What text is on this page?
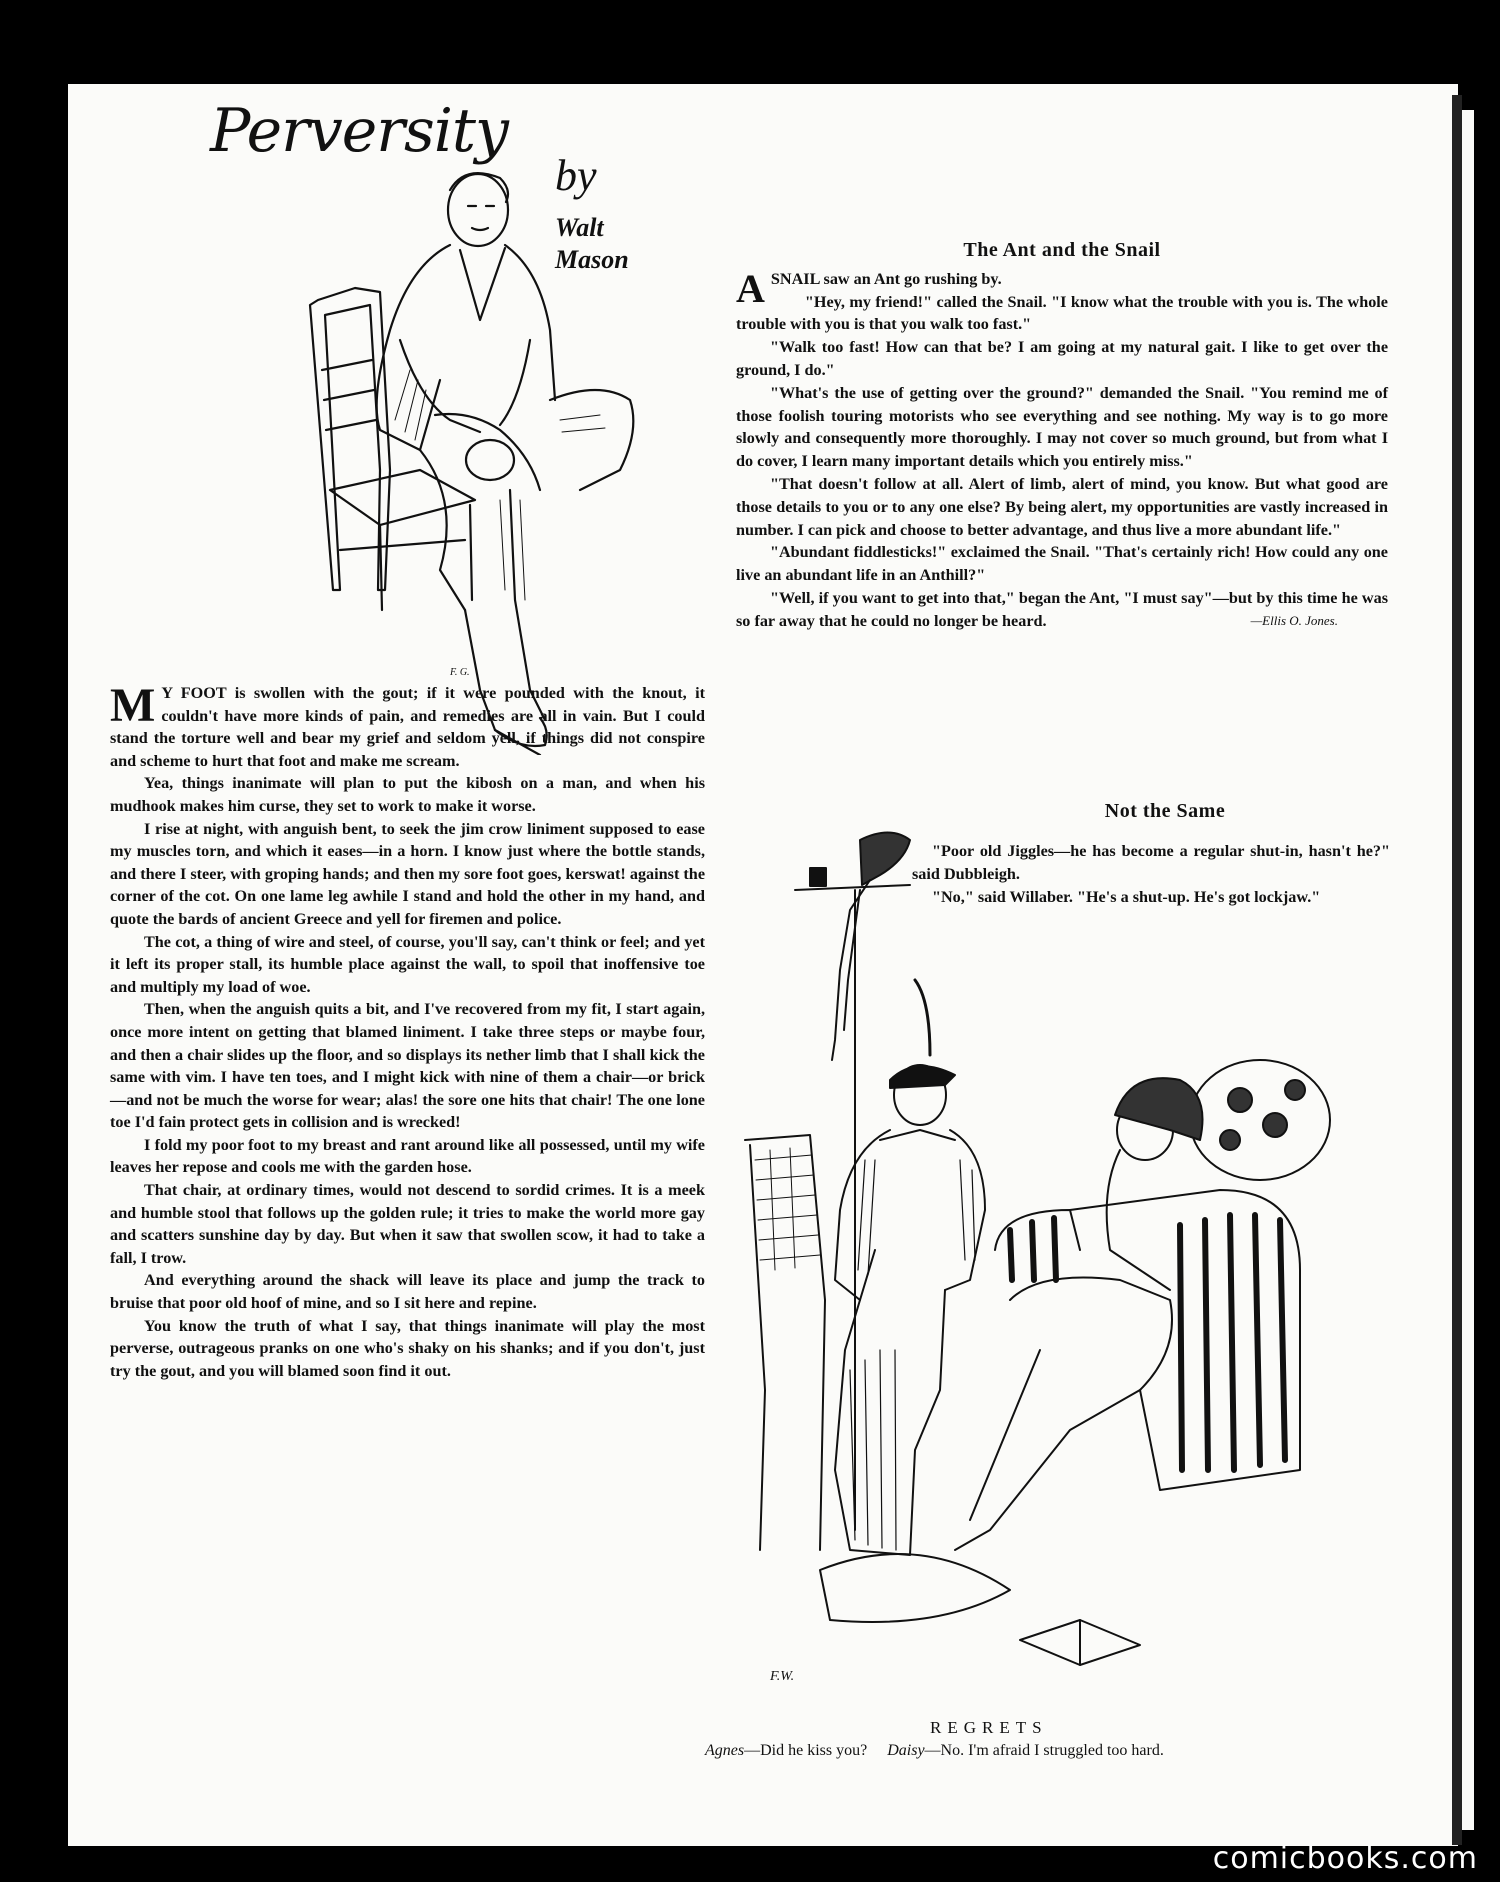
Perversity
by
Walt
Mason
F. G.

M Y FOOT is swollen with the gout; if it were pounded with the knout, it couldn't have more kinds of pain, and remedies are all in vain. But I could stand the torture well and bear my grief and seldom yell, if things did not conspire and scheme to hurt that foot and make me scream.

Yea, things inanimate will plan to put the kibosh on a man, and when his mudhook makes him curse, they set to work to make it worse.

I rise at night, with anguish bent, to seek the jim crow liniment supposed to ease my muscles torn, and which it eases—in a horn. I know just where the bottle stands, and there I steer, with groping hands; and then my sore foot goes, kerswat! against the corner of the cot. On one lame leg awhile I stand and hold the other in my hand, and quote the bards of ancient Greece and yell for firemen and police.

The cot, a thing of wire and steel, of course, you'll say, can't think or feel; and yet it left its proper stall, its humble place against the wall, to spoil that inoffensive toe and multiply my load of woe.

Then, when the anguish quits a bit, and I've recovered from my fit, I start again, once more intent on getting that blamed liniment. I take three steps or maybe four, and then a chair slides up the floor, and so displays its nether limb that I shall kick the same with vim. I have ten toes, and I might kick with nine of them a chair—or brick—and not be much the worse for wear; alas! the sore one hits that chair! The one lone toe I'd fain protect gets in collision and is wrecked!

I fold my poor foot to my breast and rant around like all possessed, until my wife leaves her repose and cools me with the garden hose.

That chair, at ordinary times, would not descend to sordid crimes. It is a meek and humble stool that follows up the golden rule; it tries to make the world more gay and scatters sunshine day by day. But when it saw that swollen scow, it had to take a fall, I trow.

And everything around the shack will leave its place and jump the track to bruise that poor old hoof of mine, and so I sit here and repine.

You know the truth of what I say, that things inanimate will play the most perverse, outrageous pranks on one who's shaky on his shanks; and if you don't, just try the gout, and you will blamed soon find it out.

The Ant and the Snail

ASNAIL saw an Ant go rushing by.

"Hey, my friend!" called the Snail. "I know what the trouble with you is. The whole trouble with you is that you walk too fast."

"Walk too fast! How can that be? I am going at my natural gait. I like to get over the ground, I do."

"What's the use of getting over the ground?" demanded the Snail. "You remind me of those foolish touring motorists who see everything and see nothing. My way is to go more slowly and consequently more thoroughly. I may not cover so much ground, but from what I do cover, I learn many important details which you entirely miss."

"That doesn't follow at all. Alert of limb, alert of mind, you know. But what good are those details to you or to any one else? By being alert, my opportunities are vastly increased in number. I can pick and choose to better advantage, and thus live a more abundant life."

"Abundant fiddlesticks!" exclaimed the Snail. "That's certainly rich! How could any one live an abundant life in an Anthill?"

"Well, if you want to get into that," began the Ant, "I must say"—but by this time he was so far away that he could no longer be heard.	—Ellis O. Jones.

Not the Same

"Poor old Jiggles—he has become a regular shut-in, hasn't he?" said Dubbleigh.

"No," said Willaber. "He's a shut-up. He's got lockjaw."

F.W.
REGRETS
Agnes—Did he kiss you? Daisy—No. I'm afraid I struggled too hard.
comicbooks.com
